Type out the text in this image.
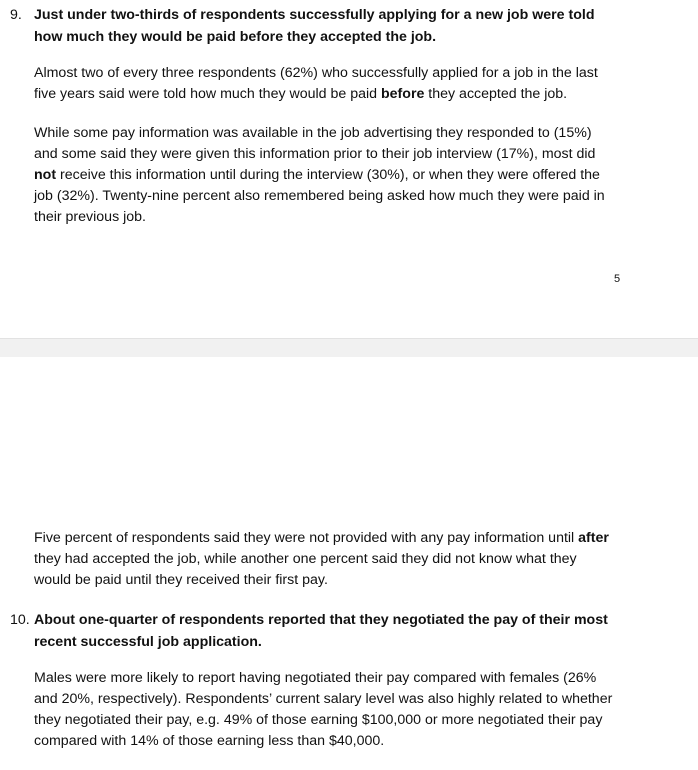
9. Just under two-thirds of respondents successfully applying for a new job were told
how much they would be paid before they accepted the job.
Almost two of every three respondents (62%) who successfully applied for a job in the last
five years said were told how much they would be paid before they accepted the job.
While some pay information was available in the job advertising they responded to (15%)
and some said they were given this information prior to their job interview (17%), most did
not receive this information until during the interview (30%), or when they were offered the
job (32%). Twenty-nine percent also remembered being asked how much they were paid in
their previous job.
5
Five percent of respondents said they were not provided with any pay information until after
they had accepted the job, while another one percent said they did not know what they
would be paid until they received their first pay.
10. About one-quarter of respondents reported that they negotiated the pay of their most
recent successful job application.
Males were more likely to report having negotiated their pay compared with females (26%
and 20%, respectively). Respondents’ current salary level was also highly related to whether
they negotiated their pay, e.g. 49% of those earning $100,000 or more negotiated their pay
compared with 14% of those earning less than $40,000.
